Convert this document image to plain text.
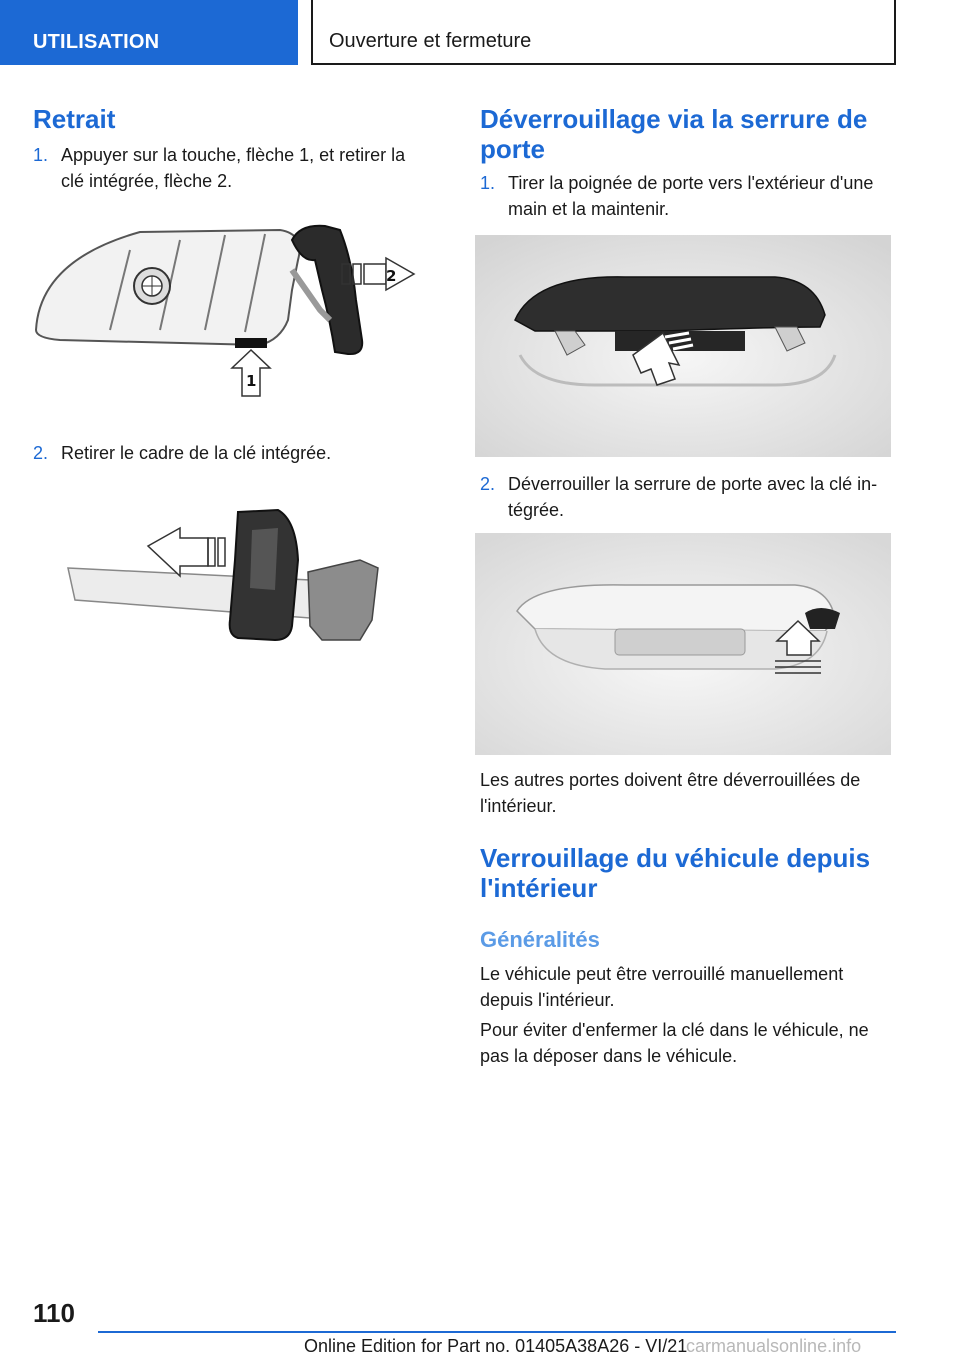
UTILISATION	Ouverture et fermeture
Retrait
1. Appuyer sur la touche, flèche 1, et retirer la clé intégrée, flèche 2.
2
1
2. Retirer le cadre de la clé intégrée.
Déverrouillage via la serrure de porte
1. Tirer la poignée de porte vers l'extérieur d'une main et la maintenir.
2. Déverrouiller la serrure de porte avec la clé in-tégrée.
Les autres portes doivent être déverrouillées de l'intérieur.
Verrouillage du véhicule depuis l'intérieur
Généralités
Le véhicule peut être verrouillé manuellement depuis l'intérieur.
Pour éviter d'enfermer la clé dans le véhicule, ne pas la déposer dans le véhicule.
110
Online Edition for Part no. 01405A38A26 - VI/21
carmanualsonline.info
